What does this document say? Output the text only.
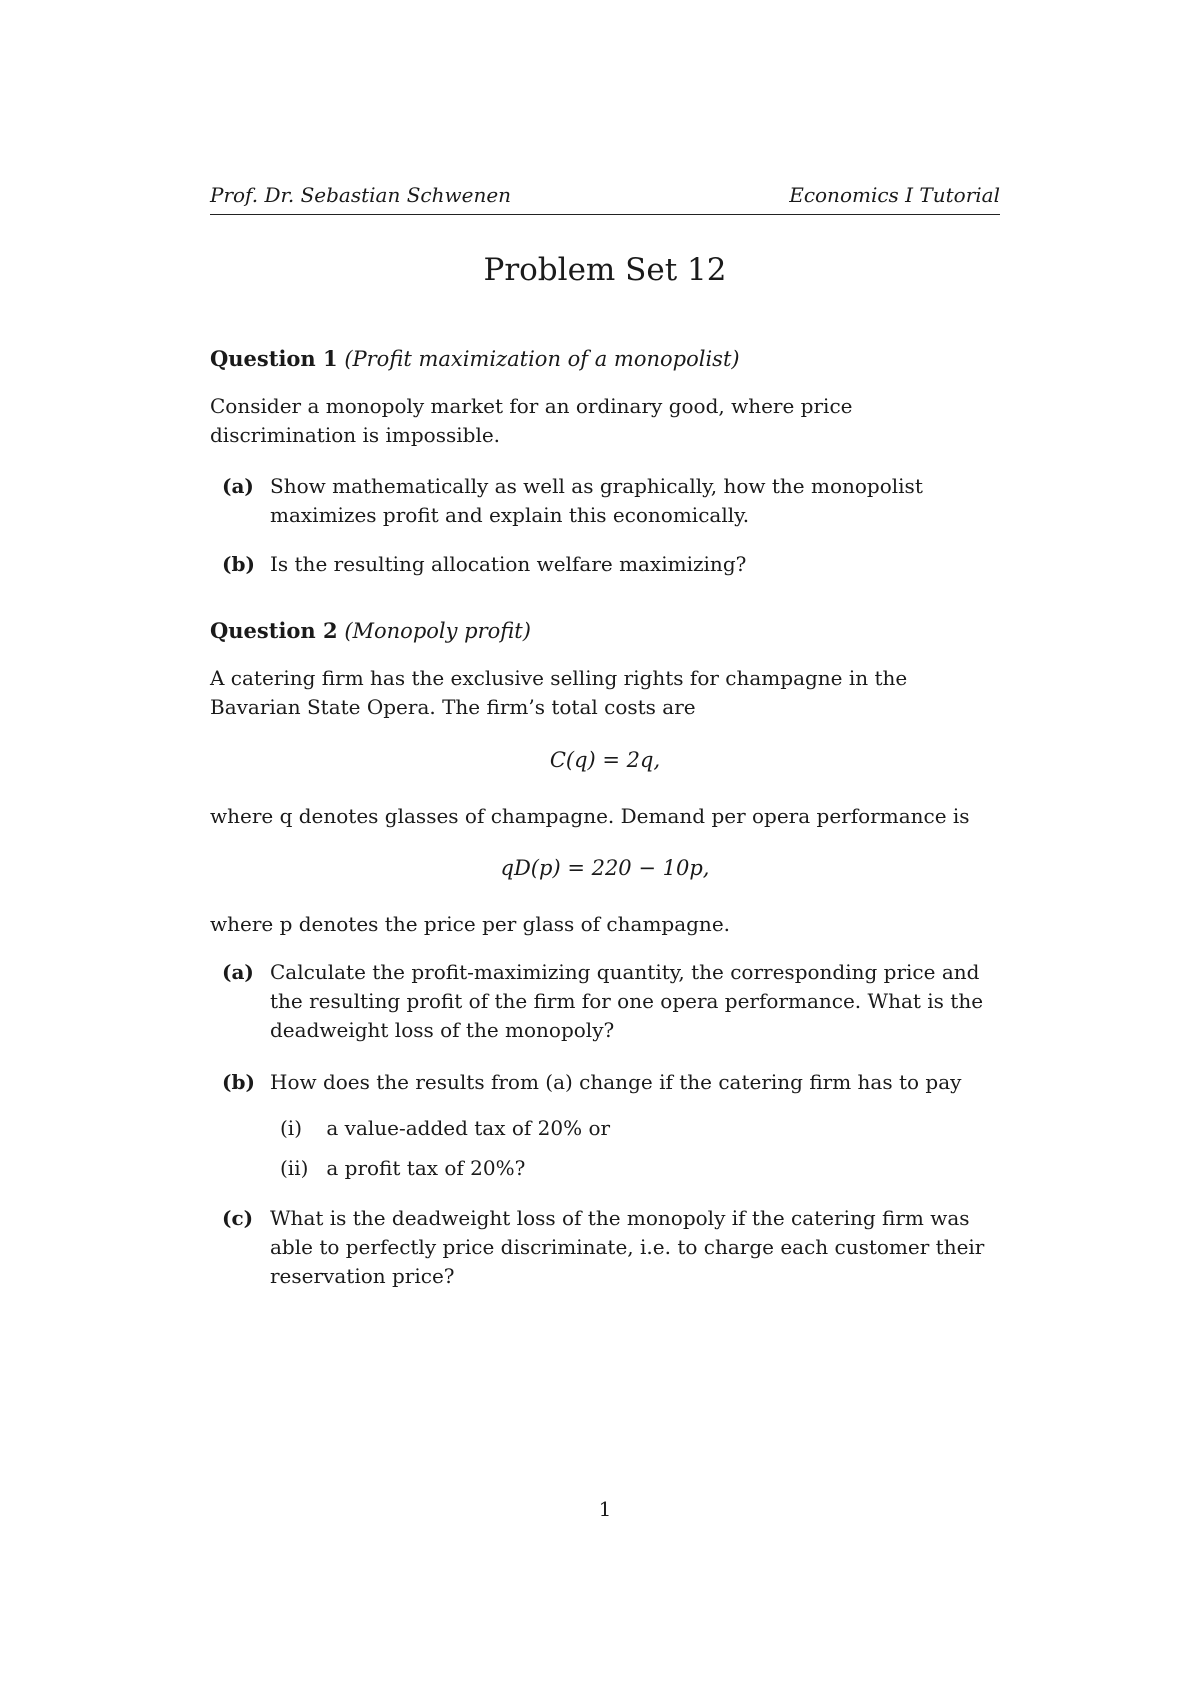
Prof. Dr. Sebastian Schwenen	Economics I Tutorial
Problem Set 12
Question 1 (Profit maximization of a monopolist)
Consider a monopoly market for an ordinary good, where price discrimination is impossible.
(a) Show mathematically as well as graphically, how the monopolist maximizes profit and explain this economically.
(b) Is the resulting allocation welfare maximizing?
Question 2 (Monopoly profit)
A catering firm has the exclusive selling rights for champagne in the Bavarian State Opera. The firm’s total costs are
C(q) = 2q,
where q denotes glasses of champagne. Demand per opera performance is
qD(p) = 220 − 10p,
where p denotes the price per glass of champagne.
(a) Calculate the profit-maximizing quantity, the corresponding price and the resulting profit of the firm for one opera performance. What is the deadweight loss of the monopoly?
(b) How does the results from (a) change if the catering firm has to pay
(i) a value-added tax of 20% or
(ii) a profit tax of 20%?
(c) What is the deadweight loss of the monopoly if the catering firm was able to perfectly price discriminate, i.e. to charge each customer their reservation price?
1
